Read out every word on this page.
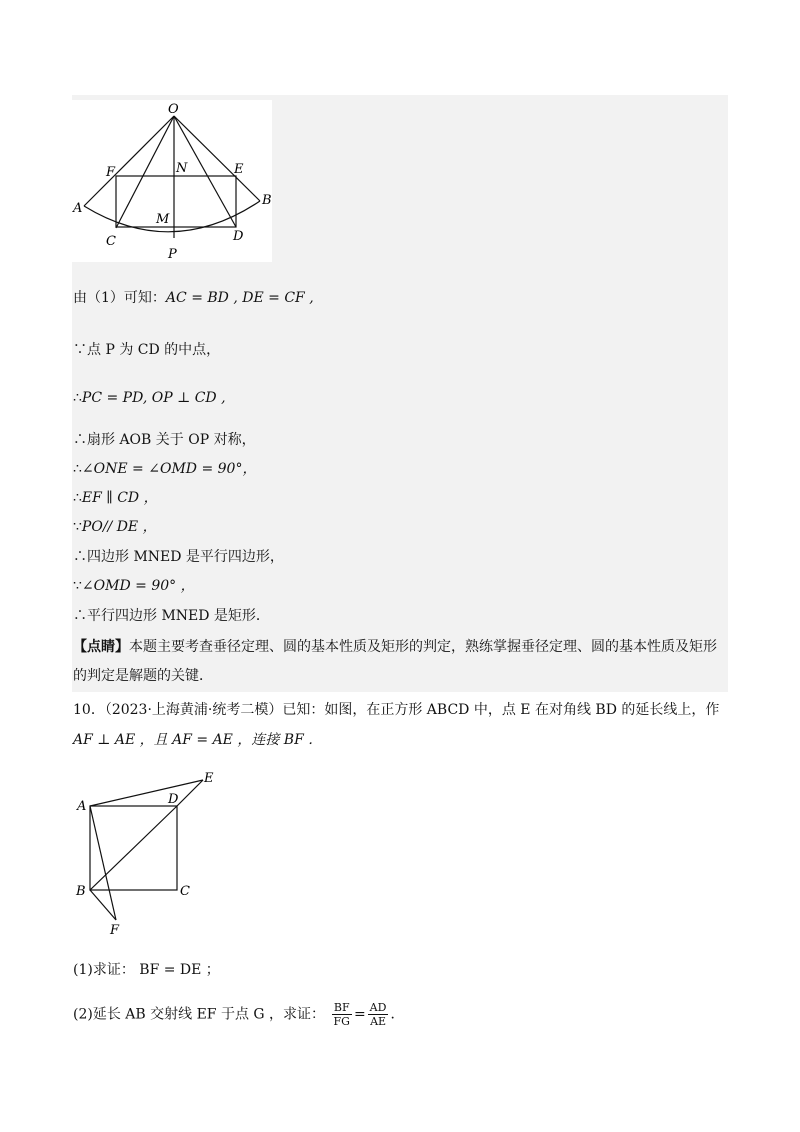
O
N	E
F
A
B
M
C	D
P
由（1）可知：AC = BD , DE = CF ,
∵点 P 为 CD 的中点，
∴PC = PD, OP ⊥ CD ,
∴扇形 AOB 关于 OP 对称，
∴∠ONE = ∠OMD = 90°，
∴EF ∥ CD ，
∵PO// DE ，
∴四边形 MNED 是平行四边形，
∵∠OMD = 90° ，
∴平行四边形 MNED 是矩形．
【点睛】本题主要考查垂径定理、圆的基本性质及矩形的判定，熟练掌握垂径定理、圆的基本性质及矩形
的判定是解题的关键．
10．（2023·上海黄浦·统考二模）已知：如图，在正方形 ABCD 中，点 E 在对角线 BD 的延长线上，作
AF ⊥ AE ，且 AF = AE ，连接 BF ．
A	D
E
B	C
F
(1)求证： BF = DE ；
(2)延长 AB 交射线 EF 于点 G ，求证： $\frac{BF}{FG} = \frac{AD}{AE}$ ．
